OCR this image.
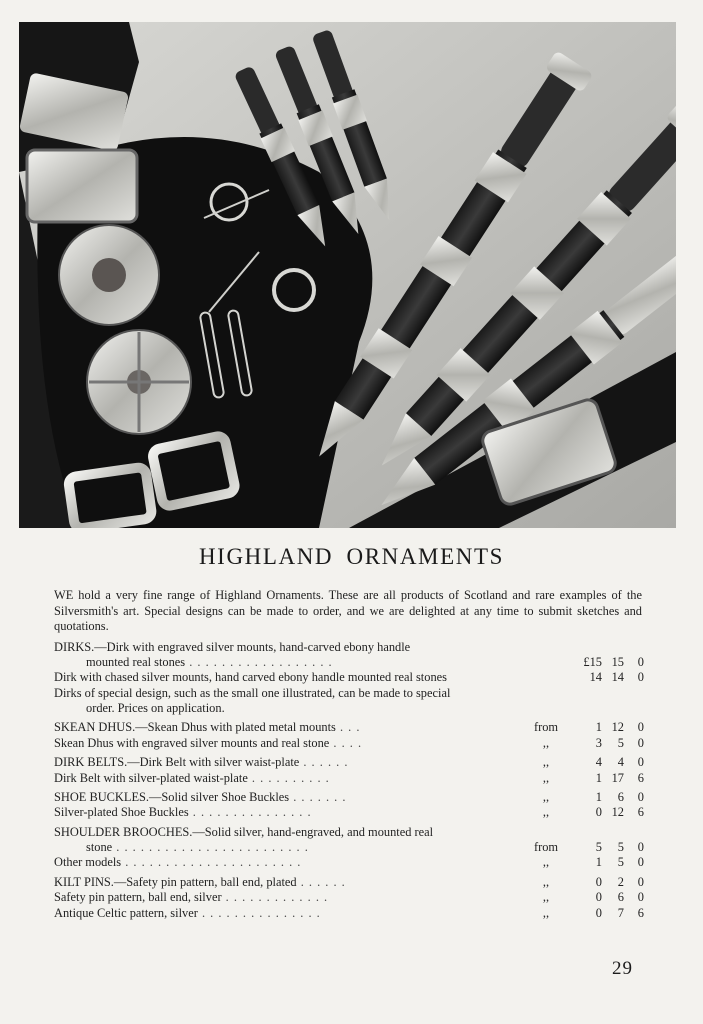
HIGHLAND ORNAMENTS
WE hold a very fine range of Highland Ornaments. These are all products of Scotland and rare examples of the Silversmith's art. Special designs can be made to order, and we are delighted at any time to submit sketches and quotations.
DIRKS.—Dirk with engraved silver mounts, hand-carved ebony handle
mounted real stones . . . . . . . . . . . . . . . . . .	£15 15 0
Dirk with chased silver mounts, hand carved ebony handle mounted real stones	14 14 0
Dirks of special design, such as the small one illustrated, can be made to special
order. Prices on application.
SKEAN DHUS.—Skean Dhus with plated metal mounts . . .	from	1 12 0
Skean Dhus with engraved silver mounts and real stone . . . .	,,	3 5 0
DIRK BELTS.—Dirk Belt with silver waist-plate . . . . . .	,,	4 4 0
Dirk Belt with silver-plated waist-plate . . . . . . . . . .	,,	1 17 6
SHOE BUCKLES.—Solid silver Shoe Buckles . . . . . . .	,,	1 6 0
Silver-plated Shoe Buckles . . . . . . . . . . . . . . .	,,	0 12 6
SHOULDER BROOCHES.—Solid silver, hand-engraved, and mounted real
stone . . . . . . . . . . . . . . . . . . . . . . . .	from	5 5 0
Other models . . . . . . . . . . . . . . . . . . . . . .	,,	1 5 0
KILT PINS.—Safety pin pattern, ball end, plated . . . . . .	,,	0 2 0
Safety pin pattern, ball end, silver . . . . . . . . . . . . .	,,	0 6 0
Antique Celtic pattern, silver . . . . . . . . . . . . . . .	,,	0 7 6
29
